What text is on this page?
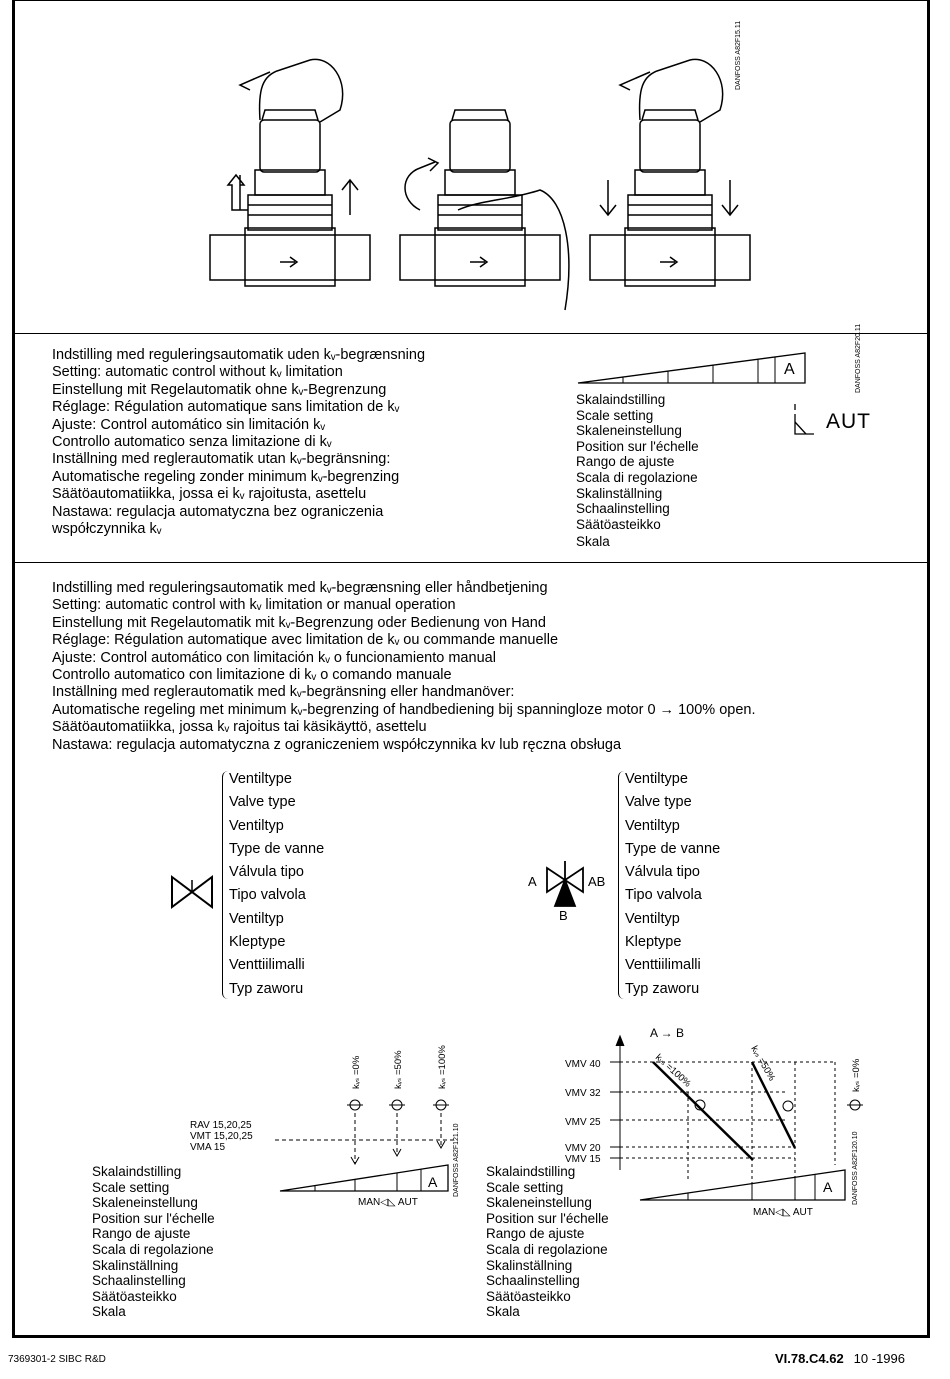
DANFOSS A82F15.11
Indstilling med reguleringsautomatik uden kᵥ-begrænsning
Setting: automatic control without kᵥ limitation
Einstellung mit Regelautomatik ohne kᵥ-Begrenzung
Réglage: Régulation automatique sans limitation de kᵥ
Ajuste: Control automático sin limitación kᵥ
Controllo automatico senza limitazione di kᵥ
Inställning med reglerautomatik utan kᵥ-begränsning:
Automatische regeling zonder minimum kᵥ-begrenzing
Säätöautomatiikka, jossa ei kᵥ rajoitusta, asettelu
Nastawa: regulacja automatyczna bez ograniczenia
współczynnika kᵥ
A
Skalaindstilling
Scale setting
Skaleneinstellung
Position sur l'échelle
Rango de ajuste
Scala di regolazione
Skalinställning
Schaalinstelling
Säätöasteikko
Skala
AUT
DANFOSS A82F20.11
Indstilling med reguleringsautomatik med kᵥ-begrænsning eller håndbetjening
Setting: automatic control with kᵥ limitation or manual operation
Einstellung mit Regelautomatik mit kᵥ-Begrenzung oder Bedienung von Hand
Réglage: Régulation automatique avec limitation de kᵥ ou commande manuelle
Ajuste: Control automático con limitación kᵥ o funcionamiento manual
Controllo automatico con limitazione di kᵥ o comando manuale
Inställning med reglerautomatik med kᵥ-begränsning eller handmanöver:
Automatische regeling met minimum kᵥ-begrenzing of handbediening bij spanningloze motor 0 → 100% open.
Säätöautomatiikka, jossa kᵥ rajoitus tai käsikäyttö, asettelu
Nastawa: regulacja automatyczna z ograniczeniem współczynnika kv lub ręczna obsługa
Ventiltype
Valve type
Ventiltyp
Type de vanne
Válvula tipo
Tipo valvola
Ventiltyp
Kleptype
Venttiilimalli
Typ zaworu
A	AB
B
Ventiltype
Valve type
Ventiltyp
Type de vanne
Válvula tipo
Tipo valvola
Ventiltyp
Kleptype
Venttiilimalli
Typ zaworu
RAV 15,20,25
VMT 15,20,25
VMA 15
kᵥₛ =0%	kᵥₛ =50%	kᵥₛ =100%
A
MAN◁◺ AUT
DANFOSS A82F121.10
Skalaindstilling
Scale setting
Skaleneinstellung
Position sur l'échelle
Rango de ajuste
Scala di regolazione
Skalinställning
Schaalinstelling
Säätöasteikko
Skala
VMV 40
VMV 32
VMV 25
VMV 20
VMV 15
A → B
kᵥₛ =100%	kᵥₛ =50%	kᵥₛ =0%
A
MAN◁◺ AUT
DANFOSS A82F120.10
Skalaindstilling
Scale setting
Skaleneinstellung
Position sur l'échelle
Rango de ajuste
Scala di regolazione
Skalinställning
Schaalinstelling
Säätöasteikko
Skala
7369301-2 SIBC R&D	VI.78.C4.62 10 -1996
